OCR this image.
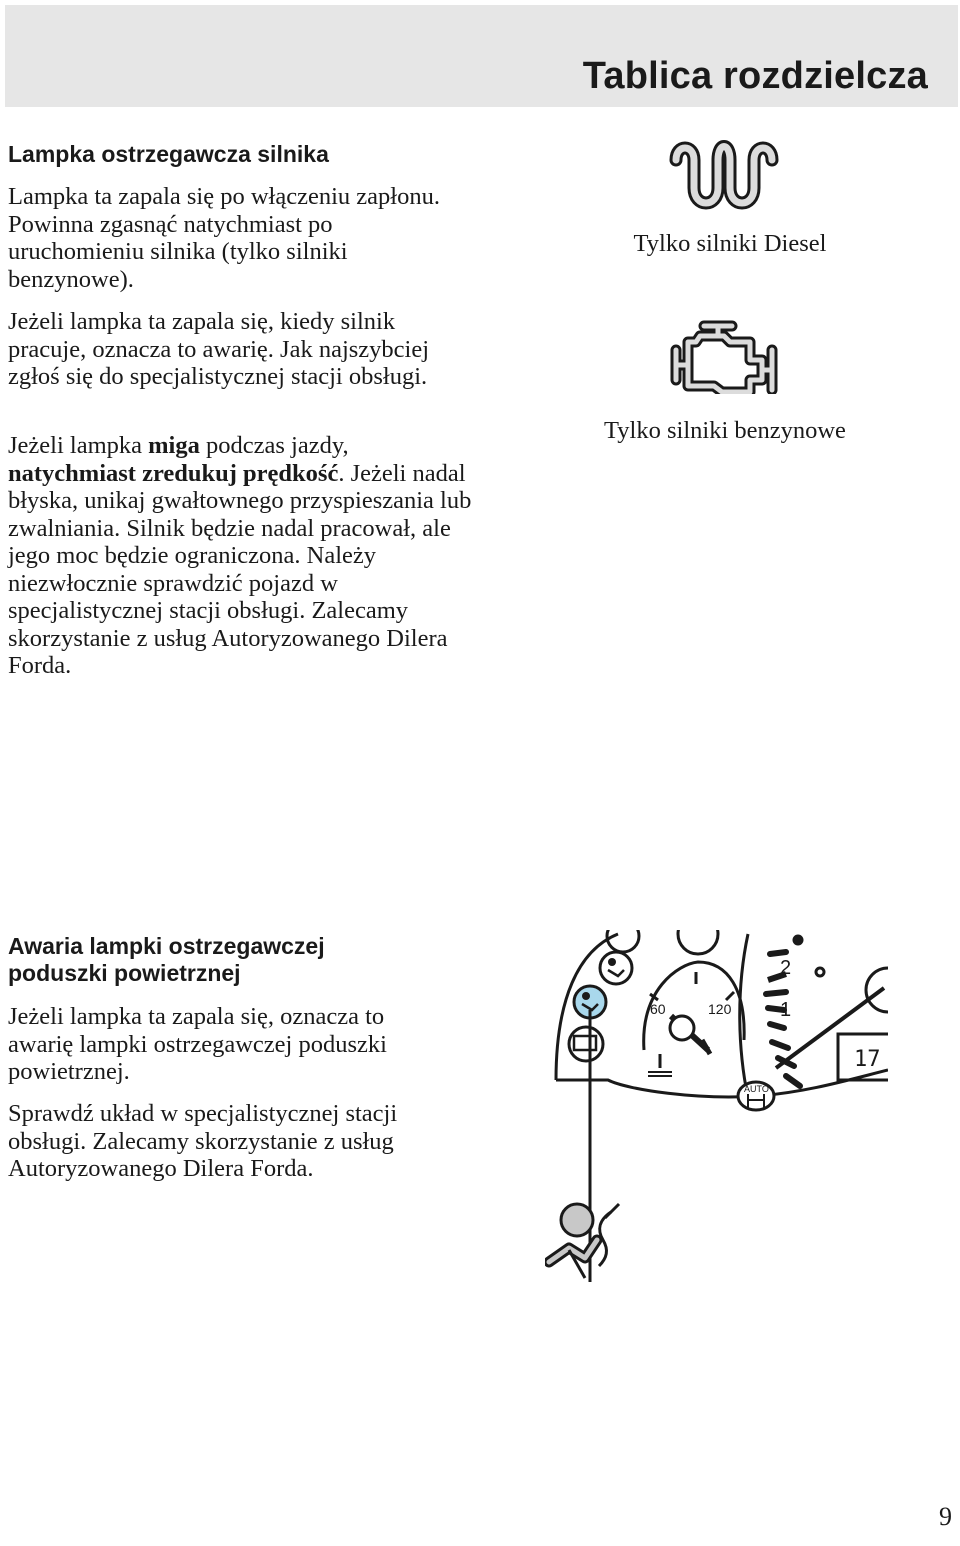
Tablica rozdzielcza
Lampka ostrzegawcza silnika

Lampka ta zapala się po włączeniu zapłonu. Powinna zgasnąć natychmiast po uruchomieniu silnika (tylko silniki benzynowe).

Jeżeli lampka ta zapala się, kiedy silnik pracuje, oznacza to awarię. Jak najszybciej zgłoś się do specjalistycznej stacji obsługi.

Jeżeli lampka miga podczas jazdy, natychmiast zredukuj prędkość. Jeżeli nadal błyska, unikaj gwałtownego przyspieszania lub zwalniania. Silnik będzie nadal pracował, ale jego moc będzie ograniczona. Należy niezwłocznie sprawdzić pojazd w specjalistycznej stacji obsługi. Zalecamy skorzystanie z usług Autoryzowanego Dilera Forda.

Tylko silniki Diesel
Tylko silniki benzynowe
Awaria lampki ostrzegawczej
poduszki powietrznej

Jeżeli lampka ta zapala się, oznacza to awarię lampki ostrzegawczej poduszki powietrznej.

Sprawdź układ w specjalistycznej stacji obsługi. Zalecamy skorzystanie z usług Autoryzowanego Dilera Forda.

60	120
2
1
AUTO
17
9
